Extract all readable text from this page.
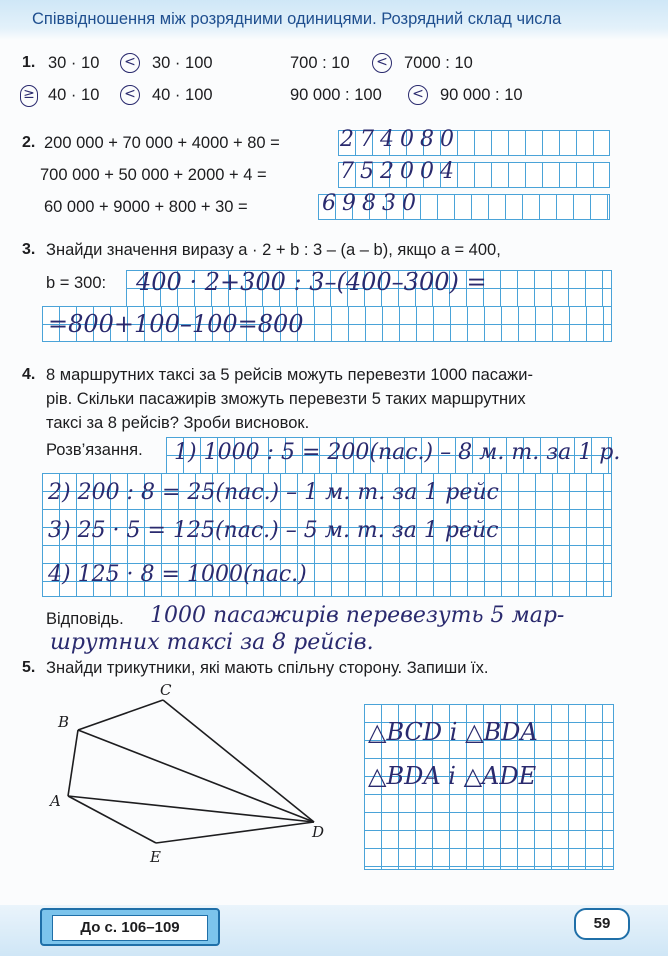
Співвідношення між розрядними одиницями. Розрядний склад числа
1. 30 · 10 < 30 · 100	700 : 10 < 7000 : 10
≥ 40 · 10 < 40 · 100	90 000 : 100 < 90 000 : 10
2. 200 000 + 70 000 + 4000 + 80 =	274080
700 000 + 50 000 + 2000 + 4 =	752004
60 000 + 9000 + 800 + 30 =	69830
3. Знайди значення виразу a · 2 + b : 3 – (a – b), якщо a = 400,
b = 300: 400 · 2+300 : 3–(400–300) =
=800+100–100=800
4. 8 маршрутних таксі за 5 рейсів можуть перевезти 1000 пасажи-
рів. Скільки пасажирів зможуть перевезти 5 таких маршрутних
таксі за 8 рейсів? Зроби висновок.
Розв’язання. 1) 1000 : 5 = 200(пас.) – 8 м. т. за 1 р.
2) 200 : 8 = 25(пас.) – 1 м. т. за 1 рейс
3) 25 · 5 = 125(пас.) – 5 м. т. за 1 рейс
4) 125 · 8 = 1000(пас.)
Відповідь. 1000 пасажирів перевезуть 5 мар-
шрутних таксі за 8 рейсів.
5. Знайди трикутники, які мають спільну сторону. Запиши їх.
C
B
A
D
E
△BCD і △BDA
△BDA і △ADE
До с. 106–109	59
